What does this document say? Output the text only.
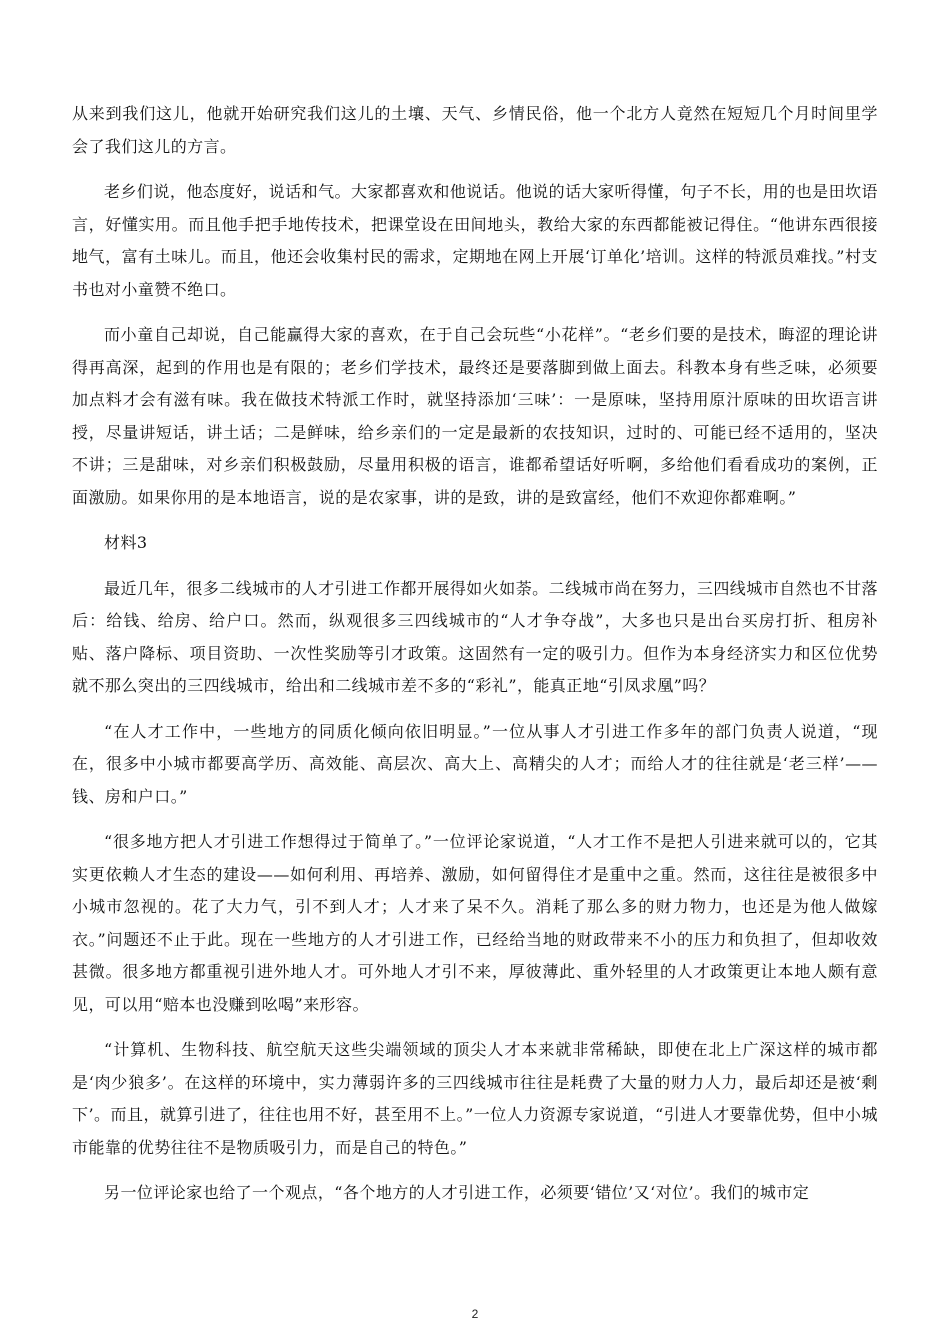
从来到我们这儿，他就开始研究我们这儿的土壤、天气、乡情民俗，他一个北方人竟然在短短几个月时间里学会了我们这儿的方言。

老乡们说，他态度好，说话和气。大家都喜欢和他说话。他说的话大家听得懂，句子不长，用的也是田坎语言，好懂实用。而且他手把手地传技术，把课堂设在田间地头，教给大家的东西都能被记得住。“他讲东西很接地气，富有土味儿。而且，他还会收集村民的需求，定期地在网上开展‘订单化’培训。这样的特派员难找。”村支书也对小童赞不绝口。

而小童自己却说，自己能赢得大家的喜欢，在于自己会玩些“小花样”。“老乡们要的是技术，晦涩的理论讲得再高深，起到的作用也是有限的；老乡们学技术，最终还是要落脚到做上面去。科教本身有些乏味，必须要加点料才会有滋有味。我在做技术特派工作时，就坚持添加‘三味’：一是原味，坚持用原汁原味的田坎语言讲授，尽量讲短话，讲土话；二是鲜味，给乡亲们的一定是最新的农技知识，过时的、可能已经不适用的，坚决不讲；三是甜味，对乡亲们积极鼓励，尽量用积极的语言，谁都希望话好听啊，多给他们看看成功的案例，正面激励。如果你用的是本地语言，说的是农家事，讲的是致，讲的是致富经，他们不欢迎你都难啊。”

材料3

最近几年，很多二线城市的人才引进工作都开展得如火如荼。二线城市尚在努力，三四线城市自然也不甘落后：给钱、给房、给户口。然而，纵观很多三四线城市的“人才争夺战”，大多也只是出台买房打折、租房补贴、落户降标、项目资助、一次性奖励等引才政策。这固然有一定的吸引力。但作为本身经济实力和区位优势就不那么突出的三四线城市，给出和二线城市差不多的“彩礼”，能真正地“引凤求凰”吗？

“在人才工作中，一些地方的同质化倾向依旧明显。”一位从事人才引进工作多年的部门负责人说道，“现在，很多中小城市都要高学历、高效能、高层次、高大上、高精尖的人才；而给人才的往往就是‘老三样’——钱、房和户口。”

“很多地方把人才引进工作想得过于简单了。”一位评论家说道，“人才工作不是把人引进来就可以的，它其实更依赖人才生态的建设——如何利用、再培养、激励，如何留得住才是重中之重。然而，这往往是被很多中小城市忽视的。花了大力气，引不到人才；人才来了呆不久。消耗了那么多的财力物力，也还是为他人做嫁衣。”问题还不止于此。现在一些地方的人才引进工作，已经给当地的财政带来不小的压力和负担了，但却收效甚微。很多地方都重视引进外地人才。可外地人才引不来，厚彼薄此、重外轻里的人才政策更让本地人颇有意见，可以用“赔本也没赚到吆喝”来形容。

“计算机、生物科技、航空航天这些尖端领域的顶尖人才本来就非常稀缺，即使在北上广深这样的城市都是‘肉少狼多’。在这样的环境中，实力薄弱许多的三四线城市往往是耗费了大量的财力人力，最后却还是被‘剩下’。而且，就算引进了，往往也用不好，甚至用不上。”一位人力资源专家说道，“引进人才要靠优势，但中小城市能靠的优势往往不是物质吸引力，而是自己的特色。”

另一位评论家也给了一个观点，“各个地方的人才引进工作，必须要‘错位’又‘对位’。我们的城市定

2
